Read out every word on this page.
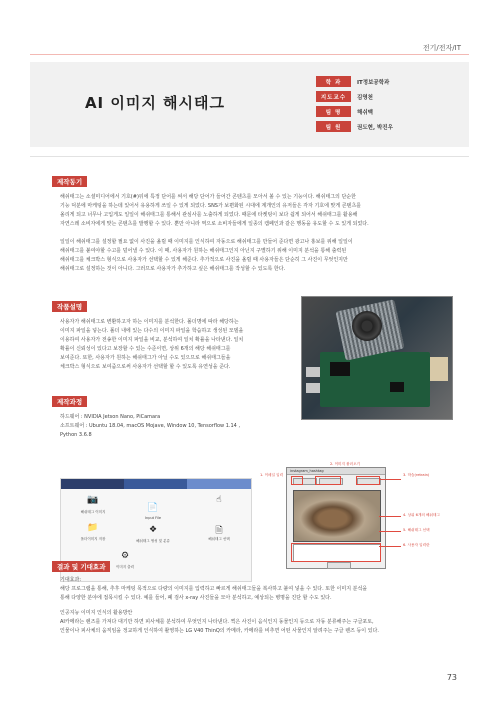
전기/전자/IT
AI 이미지 해시태그
학 과	IT정보공학과
지도교수	김영천
팀 명	해쉬맥
팀 원	권도현, 박진우
제작동기

해쉬태그는 소셜미디어에서 기호(#)뒤에 특정 단어를 써서 해당 단어가 들어간 콘텐츠를 모아서 볼 수 있는 기능이다. 해쉬태그의 단순한

기능 덕분에 마케팅을 하는데 있어서 유용하게 쓰일 수 있게 되었다. SNS가 보편화된 시대에 계개인의 유저들은 각자 기호에 맞게 콘텐츠를

올리게 되고 너무나 고입게도 일일이 해쉬태그를 통해서 관심사를 노출하게 되었다. 때문에 타켓팅이 보다 쉽게 되어서 해쉬태그를 활용해

자연스레 소비자에게 맞는 콘텐츠를 발행할 수 있다. 뿐만 아니라 역으로 소비자들에게 일종의 캠페인과 같은 행동을 유도할 수 도 있게 되었다.

일일이 해쉬태그를 설정할 필요 없이 사진을 올릴 때 이미지를 인식하여 자동으로 해쉬태그를 만들어 준다면 광고나 홍보를 위해 일일이

해쉬태그를 붙여야할 수고를 덜어낼 수 있다. 이 때, 사용자가 원하는 해쉬태그인지 아닌지 구별하기 위해 이미지 분석을 통해 출력된

해쉬태그를 체크박스 형식으로 사용자가 선택할 수 있게 해준다. 추가적으로 사진을 올릴 때 사용자들은 단순히 그 사진이 무엇인지만

해쉬태그로 설정하는 것이 아니다. 그러므로 사용자가 추가하고 싶은 해쉬태그를 작성할 수 있도록 한다.

작품설명

사용자가 해쉬태그로 변환하고자 하는 이미지를 분석한다. 폴더명에 따라 해당하는

이미지 파일을 넣는다. 폴더 내에 있는 다수의 이미지 파일을 학습하고 생성된 모델을

이용하여 사용자가 전송한 이미지 파일을 비교, 분석하여 일치 확률을 나타낸다. 일치

확률이 신뢰성이 있다고 보장할 수 있는 수준이면, 상위 6개의 해당 해쉬태그를

보여준다. 또한, 사용자가 원하는 해쉬태그가 아닐 수도 있으므로 해쉬태그들을

체크박스 형식으로 보여줌으로써 사용자가 선택할 할 수 있도록 유연성을 준다.

제작과정

하드웨어 : NVIDIA Jetson Nano, PiCamara

소프트웨어 : Ubuntu 18.04, macOS Mojave, Window 10, Tensorflow 1.14 ,

Python 3.6.8

📷
해쉬태그 이미지
📁
폴더이미지 저장
📄
Input File
❖
해쉬태그 생성 및 분류
⚙
이미지 출력
☝
🗎
해쉬태그 선택
instagram_hashtag
1. 이메일 입력
2. 이미지 불러오기
3. 학습(retrain)
4. 상위 6개의 해쉬태그
5. 해쉬태그 선택
6. 사용자 입력란
결과 및 기대효과

기대효과:

해당 프로그램을 통해, 추후 마케팅 목적으로 다량의 이미지를 입력하고 빠르게 해쉬태그들을 복사하고 붙여 넣을 수 있다. 또한 이미지 분석을

통해 다양한 분야에 접목시킬 수 있다. 예를 들어, 폐 검사 x-ray 사진들을 모아 분석하고, 예상되는 병명을 진단 할 수도 있다.

인공지능 이미지 인식의 활용방안

AI카메라는 렌즈를 가져다 대기만 하면 피사체를 분석하여 무엇인지 나타낸다. 찍은 사진이 음식인지 동물인지 등으로 자동 분류해주는 구글포토,

인물이나 피사체의 움직임을 정교하게 인식하여 촬영하는 LG V40 ThinQ의 카메라, 카메라를 비추면 어떤 사물인지 알려주는 구글 렌즈 등이 있다.

73
